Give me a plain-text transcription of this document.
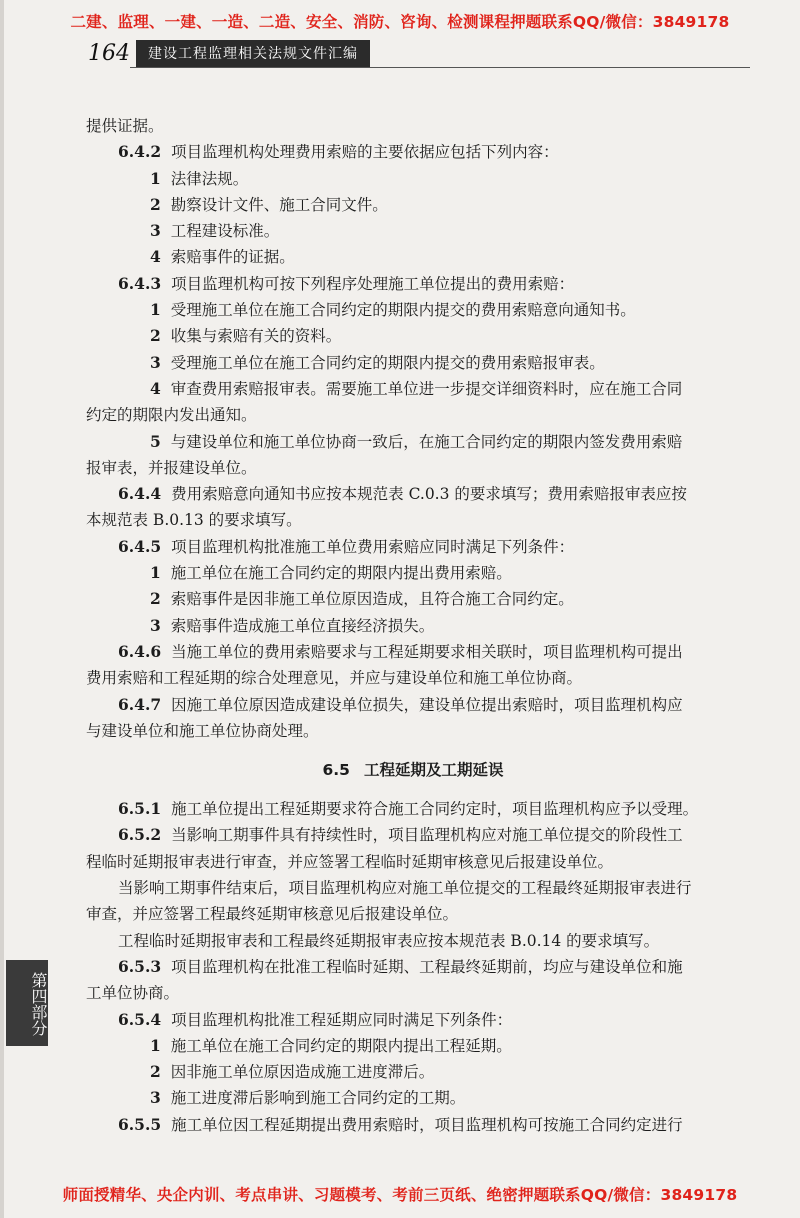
二建、监理、一建、一造、二造、安全、消防、咨询、检测课程押题联系QQ/微信：3849178
164	建设工程监理相关法规文件汇编
提供证据。
6.4.2 项目监理机构处理费用索赔的主要依据应包括下列内容：
1 法律法规。
2 勘察设计文件、施工合同文件。
3 工程建设标准。
4 索赔事件的证据。
6.4.3 项目监理机构可按下列程序处理施工单位提出的费用索赔：
1 受理施工单位在施工合同约定的期限内提交的费用索赔意向通知书。
2 收集与索赔有关的资料。
3 受理施工单位在施工合同约定的期限内提交的费用索赔报审表。
4 审查费用索赔报审表。需要施工单位进一步提交详细资料时，应在施工合同
约定的期限内发出通知。
5 与建设单位和施工单位协商一致后，在施工合同约定的期限内签发费用索赔
报审表，并报建设单位。
6.4.4 费用索赔意向通知书应按本规范表 C.0.3 的要求填写；费用索赔报审表应按
本规范表 B.0.13 的要求填写。
6.4.5 项目监理机构批准施工单位费用索赔应同时满足下列条件：
1 施工单位在施工合同约定的期限内提出费用索赔。
2 索赔事件是因非施工单位原因造成，且符合施工合同约定。
3 索赔事件造成施工单位直接经济损失。
6.4.6 当施工单位的费用索赔要求与工程延期要求相关联时，项目监理机构可提出
费用索赔和工程延期的综合处理意见，并应与建设单位和施工单位协商。
6.4.7 因施工单位原因造成建设单位损失，建设单位提出索赔时，项目监理机构应
与建设单位和施工单位协商处理。
6.5 工程延期及工期延误
6.5.1 施工单位提出工程延期要求符合施工合同约定时，项目监理机构应予以受理。
6.5.2 当影响工期事件具有持续性时，项目监理机构应对施工单位提交的阶段性工
程临时延期报审表进行审查，并应签署工程临时延期审核意见后报建设单位。
当影响工期事件结束后，项目监理机构应对施工单位提交的工程最终延期报审表进行
审查，并应签署工程最终延期审核意见后报建设单位。
工程临时延期报审表和工程最终延期报审表应按本规范表 B.0.14 的要求填写。
6.5.3 项目监理机构在批准工程临时延期、工程最终延期前，均应与建设单位和施
工单位协商。
6.5.4 项目监理机构批准工程延期应同时满足下列条件：
1 施工单位在施工合同约定的期限内提出工程延期。
2 因非施工单位原因造成施工进度滞后。
3 施工进度滞后影响到施工合同约定的工期。
6.5.5 施工单位因工程延期提出费用索赔时，项目监理机构可按施工合同约定进行
第四部分
师面授精华、央企内训、考点串讲、习题模考、考前三页纸、绝密押题联系QQ/微信：3849178
